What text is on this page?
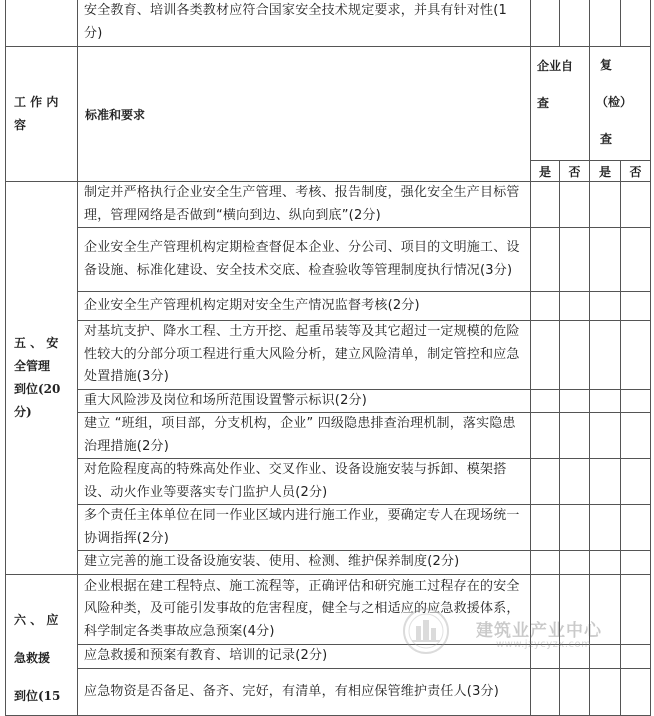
	安全教育、培训各类教材应符合国家安全技术规定要求，并具有针对性(1分)				

工 作 内
容	标准和要求	企业自
查		复
（检）
查	

		是	否	是	否

五 、 安
全管理
到位(20
分)	制定并严格执行企业安全生产管理、考核、报告制度，强化安全生产目标管理，管理网络是否做到“横向到边、纵向到底”(2分)				
	企业安全生产管理机构定期检查督促本企业、分公司、项目的文明施工、设备设施、标准化建设、安全技术交底、检查验收等管理制度执行情况(3分)				
	企业安全生产管理机构定期对安全生产情况监督考核(2分)				
	对基坑支护、降水工程、土方开挖、起重吊装等及其它超过一定规模的危险性较大的分部分项工程进行重大风险分析，建立风险清单，制定管控和应急处置措施(3分)				
	重大风险涉及岗位和场所范围设置警示标识(2分)				
	建立 “班组，项目部，分支机构，企业” 四级隐患排查治理机制，落实隐患治理措施(2分)				
	对危险程度高的特殊高处作业、交叉作业、设备设施安装与拆卸、模架搭设、动火作业等要落实专门监护人员(2分)				
	多个责任主体单位在同一作业区域内进行施工作业，要确定专人在现场统一协调指挥(2分)				
	建立完善的施工设备设施安装、使用、检测、维护保养制度(2分)				

六 、 应
急救援
到位(15	企业根据在建工程特点、施工流程等，正确评估和研究施工过程存在的安全风险种类，及可能引发事故的危害程度，健全与之相适应的应急救援体系，科学制定各类事故应急预案(4分)				
	应急救援和预案有教育、培训的记录(2分)				
	应急物资是否备足、备齐、完好，有清单，有相应保管维护责任人(3分)				
建筑业产业中心
www.jzycyzx.com
